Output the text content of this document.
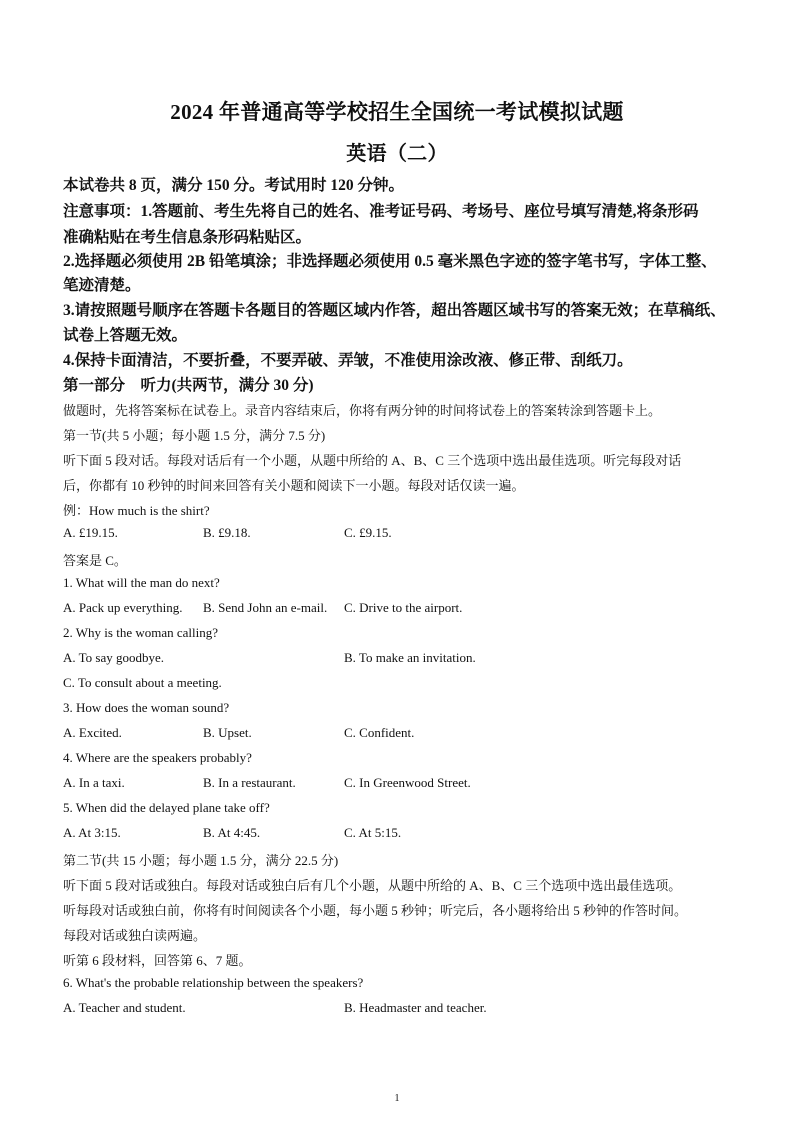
2024 年普通高等学校招生全国统一考试模拟试题
英语（二）
本试卷共 8 页，满分 150 分。考试用时 120 分钟。
注意事项：1.答题前、考生先将自己的姓名、准考证号码、考场号、座位号填写清楚,将条形码
准确粘贴在考生信息条形码粘贴区。
2.选择题必须使用 2B 铅笔填涂；非选择题必须使用 0.5 毫米黑色字迹的签字笔书写，字体工整、
笔迹清楚。
3.请按照题号顺序在答题卡各题目的答题区域内作答，超出答题区域书写的答案无效；在草稿纸、
试卷上答题无效。
4.保持卡面清洁，不要折叠，不要弄破、弄皱，不准使用涂改液、修正带、刮纸刀。
第一部分　听力(共两节，满分 30 分)
做题时，先将答案标在试卷上。录音内容结束后，你将有两分钟的时间将试卷上的答案转涂到答题卡上。
第一节(共 5 小题；每小题 1.5 分，满分 7.5 分)
听下面 5 段对话。每段对话后有一个小题，从题中所给的 A、B、C 三个选项中选出最佳选项。听完每段对话
后，你都有 10 秒钟的时间来回答有关小题和阅读下一小题。每段对话仅读一遍。
例：How much is the shirt?
A. £19.15.	B. £9.18.	C. £9.15.
答案是 C。
1. What will the man do next?
A. Pack up everything. B. Send John an e-mail. C. Drive to the airport.
2. Why is the woman calling?
A. To say goodbye.	B. To make an invitation.
C. To consult about a meeting.
3. How does the woman sound?
A. Excited.	B. Upset.	C. Confident.
4. Where are the speakers probably?
A. In a taxi.	B. In a restaurant.	C. In Greenwood Street.
5. When did the delayed plane take off?
A. At 3:15.	B. At 4:45.	C. At 5:15.
第二节(共 15 小题；每小题 1.5 分，满分 22.5 分)
听下面 5 段对话或独白。每段对话或独白后有几个小题，从题中所给的 A、B、C 三个选项中选出最佳选项。
听每段对话或独白前，你将有时间阅读各个小题，每小题 5 秒钟；听完后，各小题将给出 5 秒钟的作答时间。
每段对话或独白读两遍。
听第 6 段材料，回答第 6、7 题。
6. What's the probable relationship between the speakers?
A. Teacher and student.	B. Headmaster and teacher.
1
